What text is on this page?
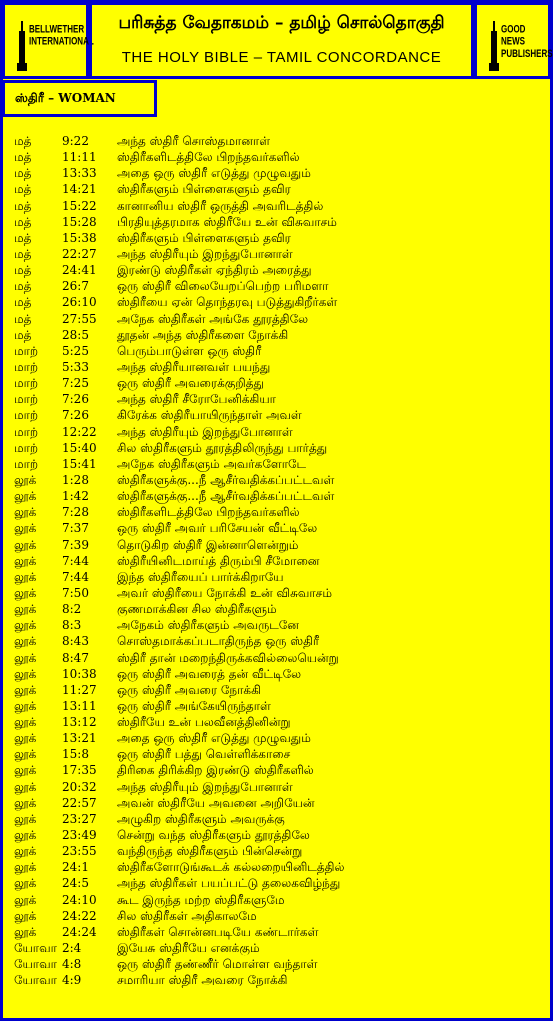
BELLWETHER INTERNATIONAL
பரிசுத்த வேதாகமம் – தமிழ் சொல்தொகுதி
THE HOLY BIBLE – TAMIL CONCORDANCE
GOOD NEWS PUBLISHERS
ஸ்திரீ – WOMAN
மத்	9:22 அந்த ஸ்திரீ சொஸ்தமானாள்
மத்	11:11 ஸ்திரீகளிடத்திலே பிறந்தவர்களில்
மத்	13:33 அதை ஒரு ஸ்திரீ எடுத்து முழுவதும்
மத்	14:21 ஸ்திரீகளும் பிள்ளைகளும் தவிர
மத்	15:22 கானானிய ஸ்திரீ ஒருத்தி அவரிடத்தில்
மத்	15:28 பிரதியுத்தரமாக ஸ்திரீயே உன் விசுவாசம்
மத்	15:38 ஸ்திரீகளும் பிள்ளைகளும் தவிர
மத்	22:27 அந்த ஸ்திரீயும் இறந்துபோனாள்
மத்	24:41 இரண்டு ஸ்திரீகள் ஏந்திரம் அரைத்து
மத்	26:7 ஒரு ஸ்திரீ விலையேறப்பெற்ற பரிமளா
மத்	26:10 ஸ்திரீயை ஏன் தொந்தரவு படுத்துகிறீர்கள்
மத்	27:55 அநேக ஸ்திரீகள் அங்கே தூரத்திலே
மத்	28:5 தூதன் அந்த ஸ்திரீகளை நோக்கி
மாற் 5:25 பெரும்பாடுள்ள ஒரு ஸ்திரீ
மாற் 5:33 அந்த ஸ்திரீயானவள் பயந்து
மாற் 7:25 ஒரு ஸ்திரீ அவரைக்குறித்து
மாற் 7:26 அந்த ஸ்திரீ சீரோபேனிக்கியா
மாற் 7:26 கிரேக்க ஸ்திரீயாயிருந்தாள் அவள்
மாற் 12:22 அந்த ஸ்திரீயும் இறந்துபோனாள்
மாற் 15:40 சில ஸ்திரீகளும் தூரத்திலிருந்து பார்த்து
மாற் 15:41 அநேக ஸ்திரீகளும் அவர்களோடே
லூக் 1:28 ஸ்திரீகளுக்கு...நீ ஆசீர்வதிக்கப்பட்டவள்
லூக் 1:42 ஸ்திரீகளுக்கு...நீ ஆசீர்வதிக்கப்பட்டவள்
லூக் 7:28 ஸ்திரீகளிடத்திலே பிறந்தவர்களில்
லூக் 7:37 ஒரு ஸ்திரீ அவர் பரிசேயன் வீட்டிலே
லூக் 7:39 தொடுகிற ஸ்திரீ இன்னாளென்றும்
லூக் 7:44 ஸ்திரீயினிடமாய்த் திரும்பி சீமோனை
லூக் 7:44 இந்த ஸ்திரீயைப் பார்க்கிறாயே
லூக் 7:50 அவர் ஸ்திரீயை நோக்கி உன் விசுவாசம்
லூக் 8:2	குணமாக்கின சில ஸ்திரீகளும்
லூக் 8:3	அநேகம் ஸ்திரீகளும் அவருடனே
லூக் 8:43 சொஸ்தமாக்கப்படாதிருந்த ஒரு ஸ்திரீ
லூக் 8:47 ஸ்திரீ தான் மறைந்திருக்கவில்லையென்று
லூக் 10:38 ஒரு ஸ்திரீ அவரைத் தன் வீட்டிலே
லூக் 11:27 ஒரு ஸ்திரீ அவரை நோக்கி
லூக் 13:11 ஒரு ஸ்திரீ அங்கேயிருந்தாள்
லூக் 13:12 ஸ்திரீயே உன் பலவீனத்தினின்று
லூக் 13:21 அதை ஒரு ஸ்திரீ எடுத்து முழுவதும்
லூக் 15:8 ஒரு ஸ்திரீ பத்து வெள்ளிக்காசை
லூக் 17:35 திரிகை திரிக்கிற இரண்டு ஸ்திரீகளில்
லூக் 20:32 அந்த ஸ்திரீயும் இறந்துபோனாள்
லூக் 22:57 அவன் ஸ்திரீயே அவனை அறியேன்
லூக் 23:27 அழுகிற ஸ்திரீகளும் அவருக்கு
லூக் 23:49 சென்று வந்த ஸ்திரீகளும் தூரத்திலே
லூக் 23:55 வந்திருந்த ஸ்திரீகளும் பின்சென்று
லூக் 24:1 ஸ்திரீகளோடுங்கூடக் கல்லறையினிடத்தில்
லூக் 24:5 அந்த ஸ்திரீகள் பயப்பட்டு தலைகவிழ்ந்து
லூக் 24:10 கூட இருந்த மற்ற ஸ்திரீகளுமே
லூக் 24:22 சில ஸ்திரீகள் அதிகாலமே
லூக் 24:24 ஸ்திரீகள் சொன்னபடியே கண்டார்கள்
யோவா 2:4	இயேசு ஸ்திரீயே எனக்கும்
யோவா 4:8	ஒரு ஸ்திரீ தண்ணீர் மொள்ள வந்தாள்
யோவா 4:9	சமாரியா ஸ்திரீ அவரை நோக்கி
